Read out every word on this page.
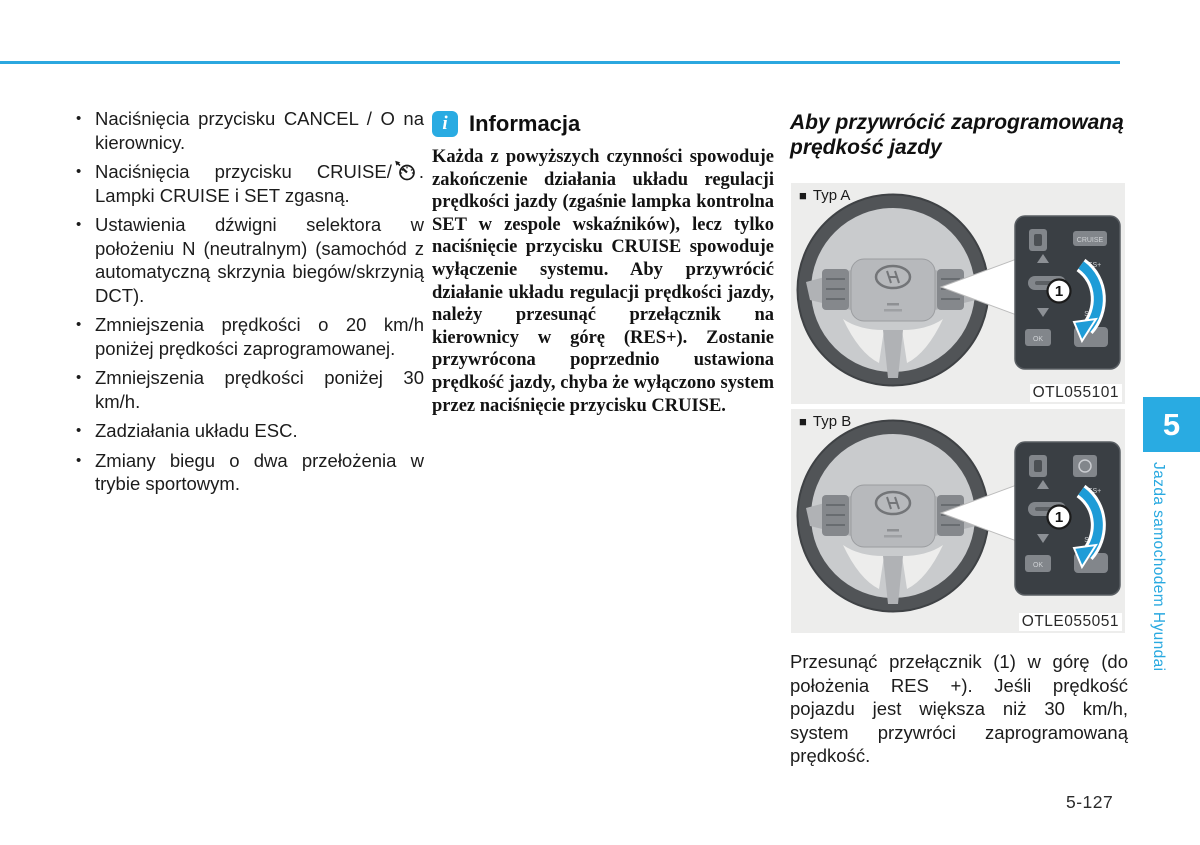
• Naciśnięcia przycisku CANCEL / O na kierownicy.
• Naciśnięcia przycisku CRUISE/ . Lampki CRUISE i SET zgasną.
• Ustawienia dźwigni selektora w położeniu N (neutralnym) (samochód z automatyczną skrzynia biegów/skrzynią DCT).
• Zmniejszenia prędkości o 20 km/h poniżej prędkości zaprogramowanej.
• Zmniejszenia prędkości poniżej 30 km/h.
• Zadziałania układu ESC.
• Zmiany biegu o dwa przełożenia w trybie sportowym.
i Informacja
Każda z powyższych czynności spowoduje zakończenie działania układu regulacji prędkości jazdy (zgaśnie lampka kontrolna SET w zespole wskaźników), lecz tylko naciśnięcie przycisku CRUISE spowoduje wyłączenie systemu. Aby przywrócić działanie układu regulacji prędkości jazdy, należy przesunąć przełącznik na kierownicy w górę (RES+). Zostanie przywrócona poprzednio ustawiona prędkość jazdy, chyba że wyłączono system przez naciśnięcie przycisku CRUISE.
Aby przywrócić zaprogramowaną prędkość jazdy
■ Typ A
CRUISE
RES+
SET-
OK
1
OTL055101
■ Typ B
RES+
SET-
OK
1
OTLE055051
Przesunąć przełącznik (1) w górę (do położenia RES +). Jeśli prędkość pojazdu jest większa niż 30 km/h, system przywróci zaprogramowaną prędkość.
5-127
5
Jazda samochodem Hyundai
